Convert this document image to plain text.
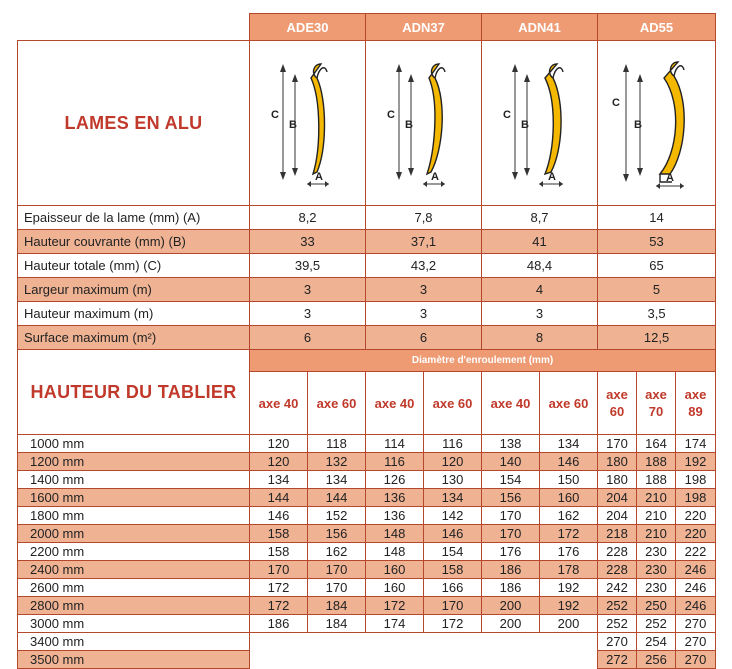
	ADE30		ADN37		ADN41		AD55		
LAMES EN ALU	C
B
A		C
B
A		C
B
A		C
B
A		

Epaisseur de la lame (mm) (A)	8,2		7,8		8,7		14		
Hauteur couvrante (mm) (B)	33		37,1		41		53		
Hauteur totale (mm) (C)	39,5		43,2		48,4		65		
Largeur maximum (m)	3		3		4		5		
Hauteur maximum (m)	3		3		3		3,5		
Surface maximum (m²)	6		6		8		12,5		
HAUTEUR DU TABLIER	Diamètre d'enroulement (mm)								
	axe 40	axe 60	axe 40	axe 60	axe 40	axe 60	axe 60	axe 70	axe 89
1000 mm	120	118	114	116	138	134	170	164	174
1200 mm	120	132	116	120	140	146	180	188	192
1400 mm	134	134	126	130	154	150	180	188	198
1600 mm	144	144	136	134	156	160	204	210	198
1800 mm	146	152	136	142	170	162	204	210	220
2000 mm	158	156	148	146	170	172	218	210	220
2200 mm	158	162	148	154	176	176	228	230	222
2400 mm	170	170	160	158	186	178	228	230	246
2600 mm	172	170	160	166	186	192	242	230	246
2800 mm	172	184	172	170	200	192	252	250	246
3000 mm	186	184	174	172	200	200	252	252	270
3400 mm							270	254	270
3500 mm							272	256	270
